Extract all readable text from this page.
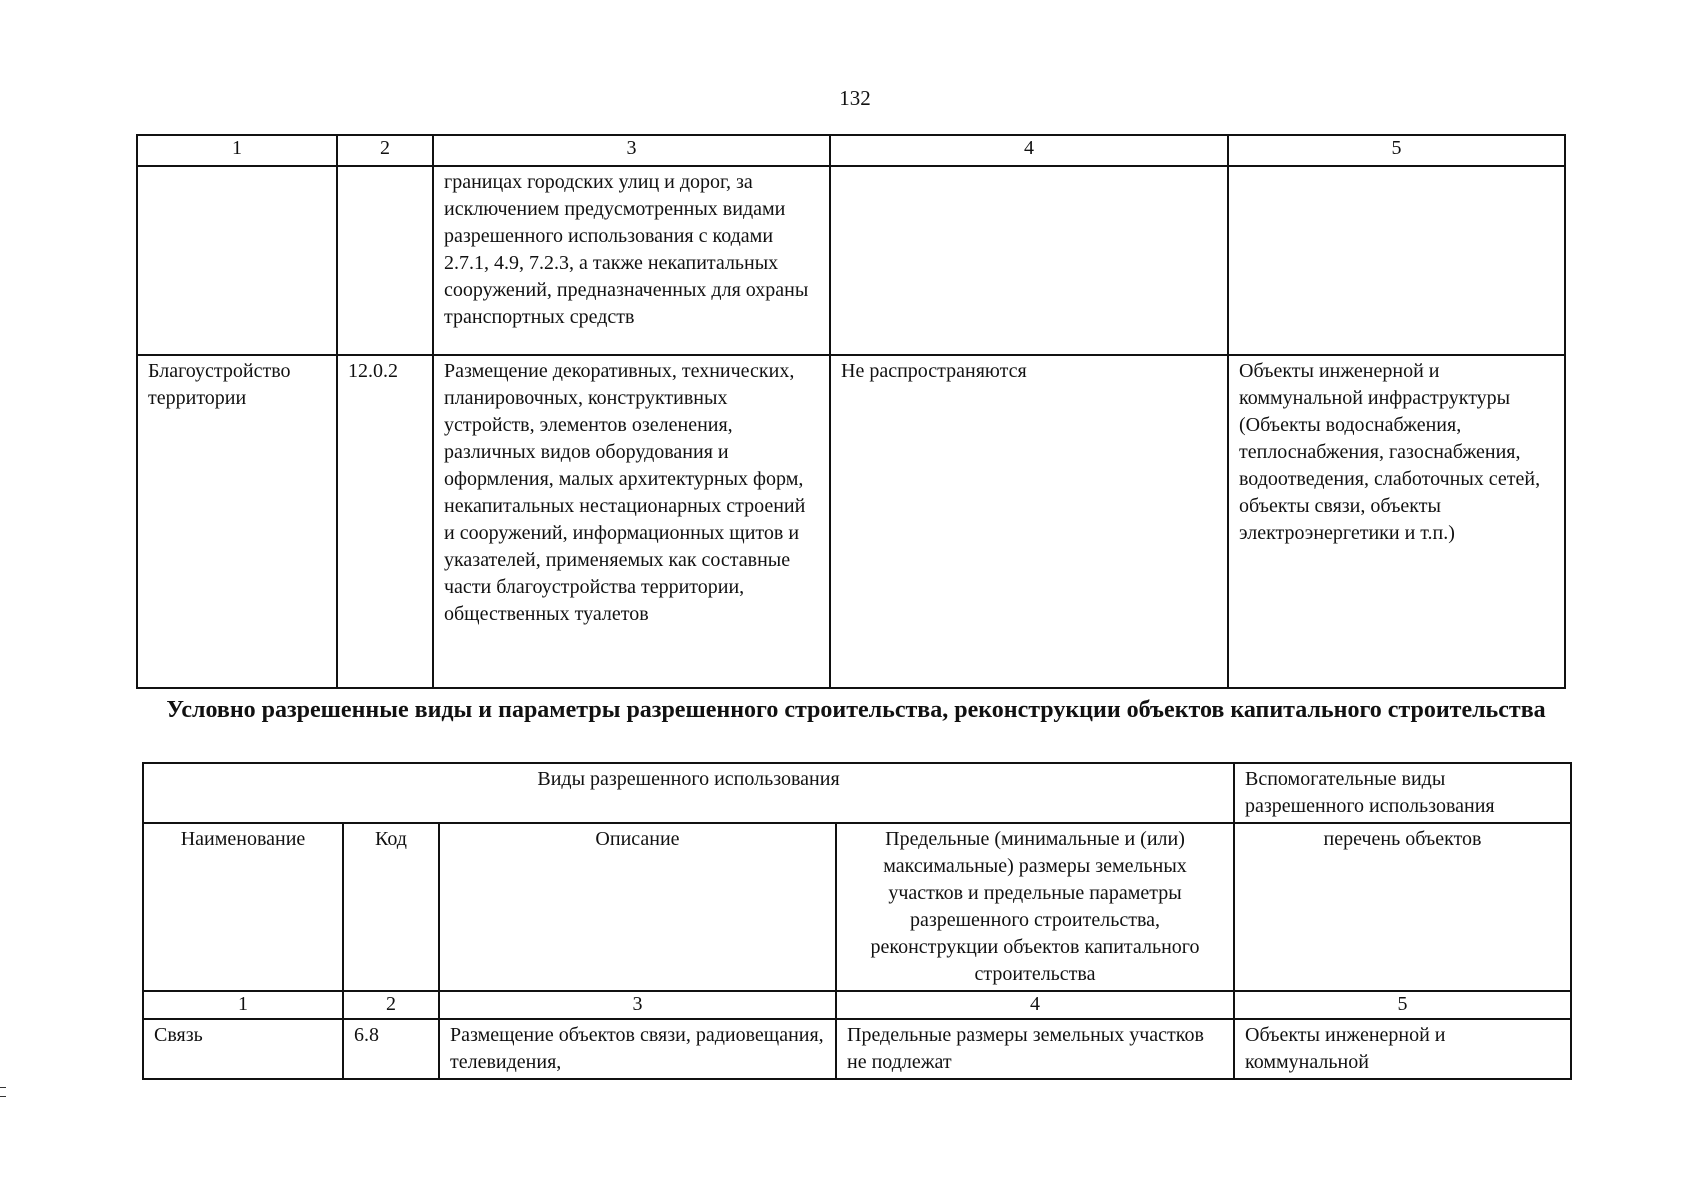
132
1	2	3	4	5
		границах городских улиц и дорог, за исключением предусмотренных видами разрешенного использования с кодами 2.7.1, 4.9, 7.2.3, а также некапитальных сооружений, предназначенных для охраны транспортных средств		
Благоустройство территории	12.0.2	Размещение декоративных, технических, планировочных, конструктивных устройств, элементов озеленения, различных видов оборудования и оформления, малых архитектурных форм, некапитальных нестационарных строений и сооружений, информационных щитов и указателей, применяемых как составные части благоустройства территории, общественных туалетов	Не распространяются	Объекты инженерной и коммунальной инфраструктуры (Объекты водоснабжения, теплоснабжения, газоснабжения, водоотведения, слаботочных сетей, объекты связи, объекты электроэнергетики и т.п.)
Условно разрешенные виды и параметры разрешенного строительства, реконструкции объектов капитального строительства
Виды разрешенного использования				Вспомогательные виды разрешенного использования
Наименование	Код	Описание	Предельные (минимальные и (или) максимальные) размеры земельных участков и предельные параметры разрешенного строительства, реконструкции объектов капитального строительства	перечень объектов
1	2	3	4	5
Связь	6.8	Размещение объектов связи, радиовещания, телевидения,	Предельные размеры земельных участков не подлежат	Объекты инженерной и коммунальной
